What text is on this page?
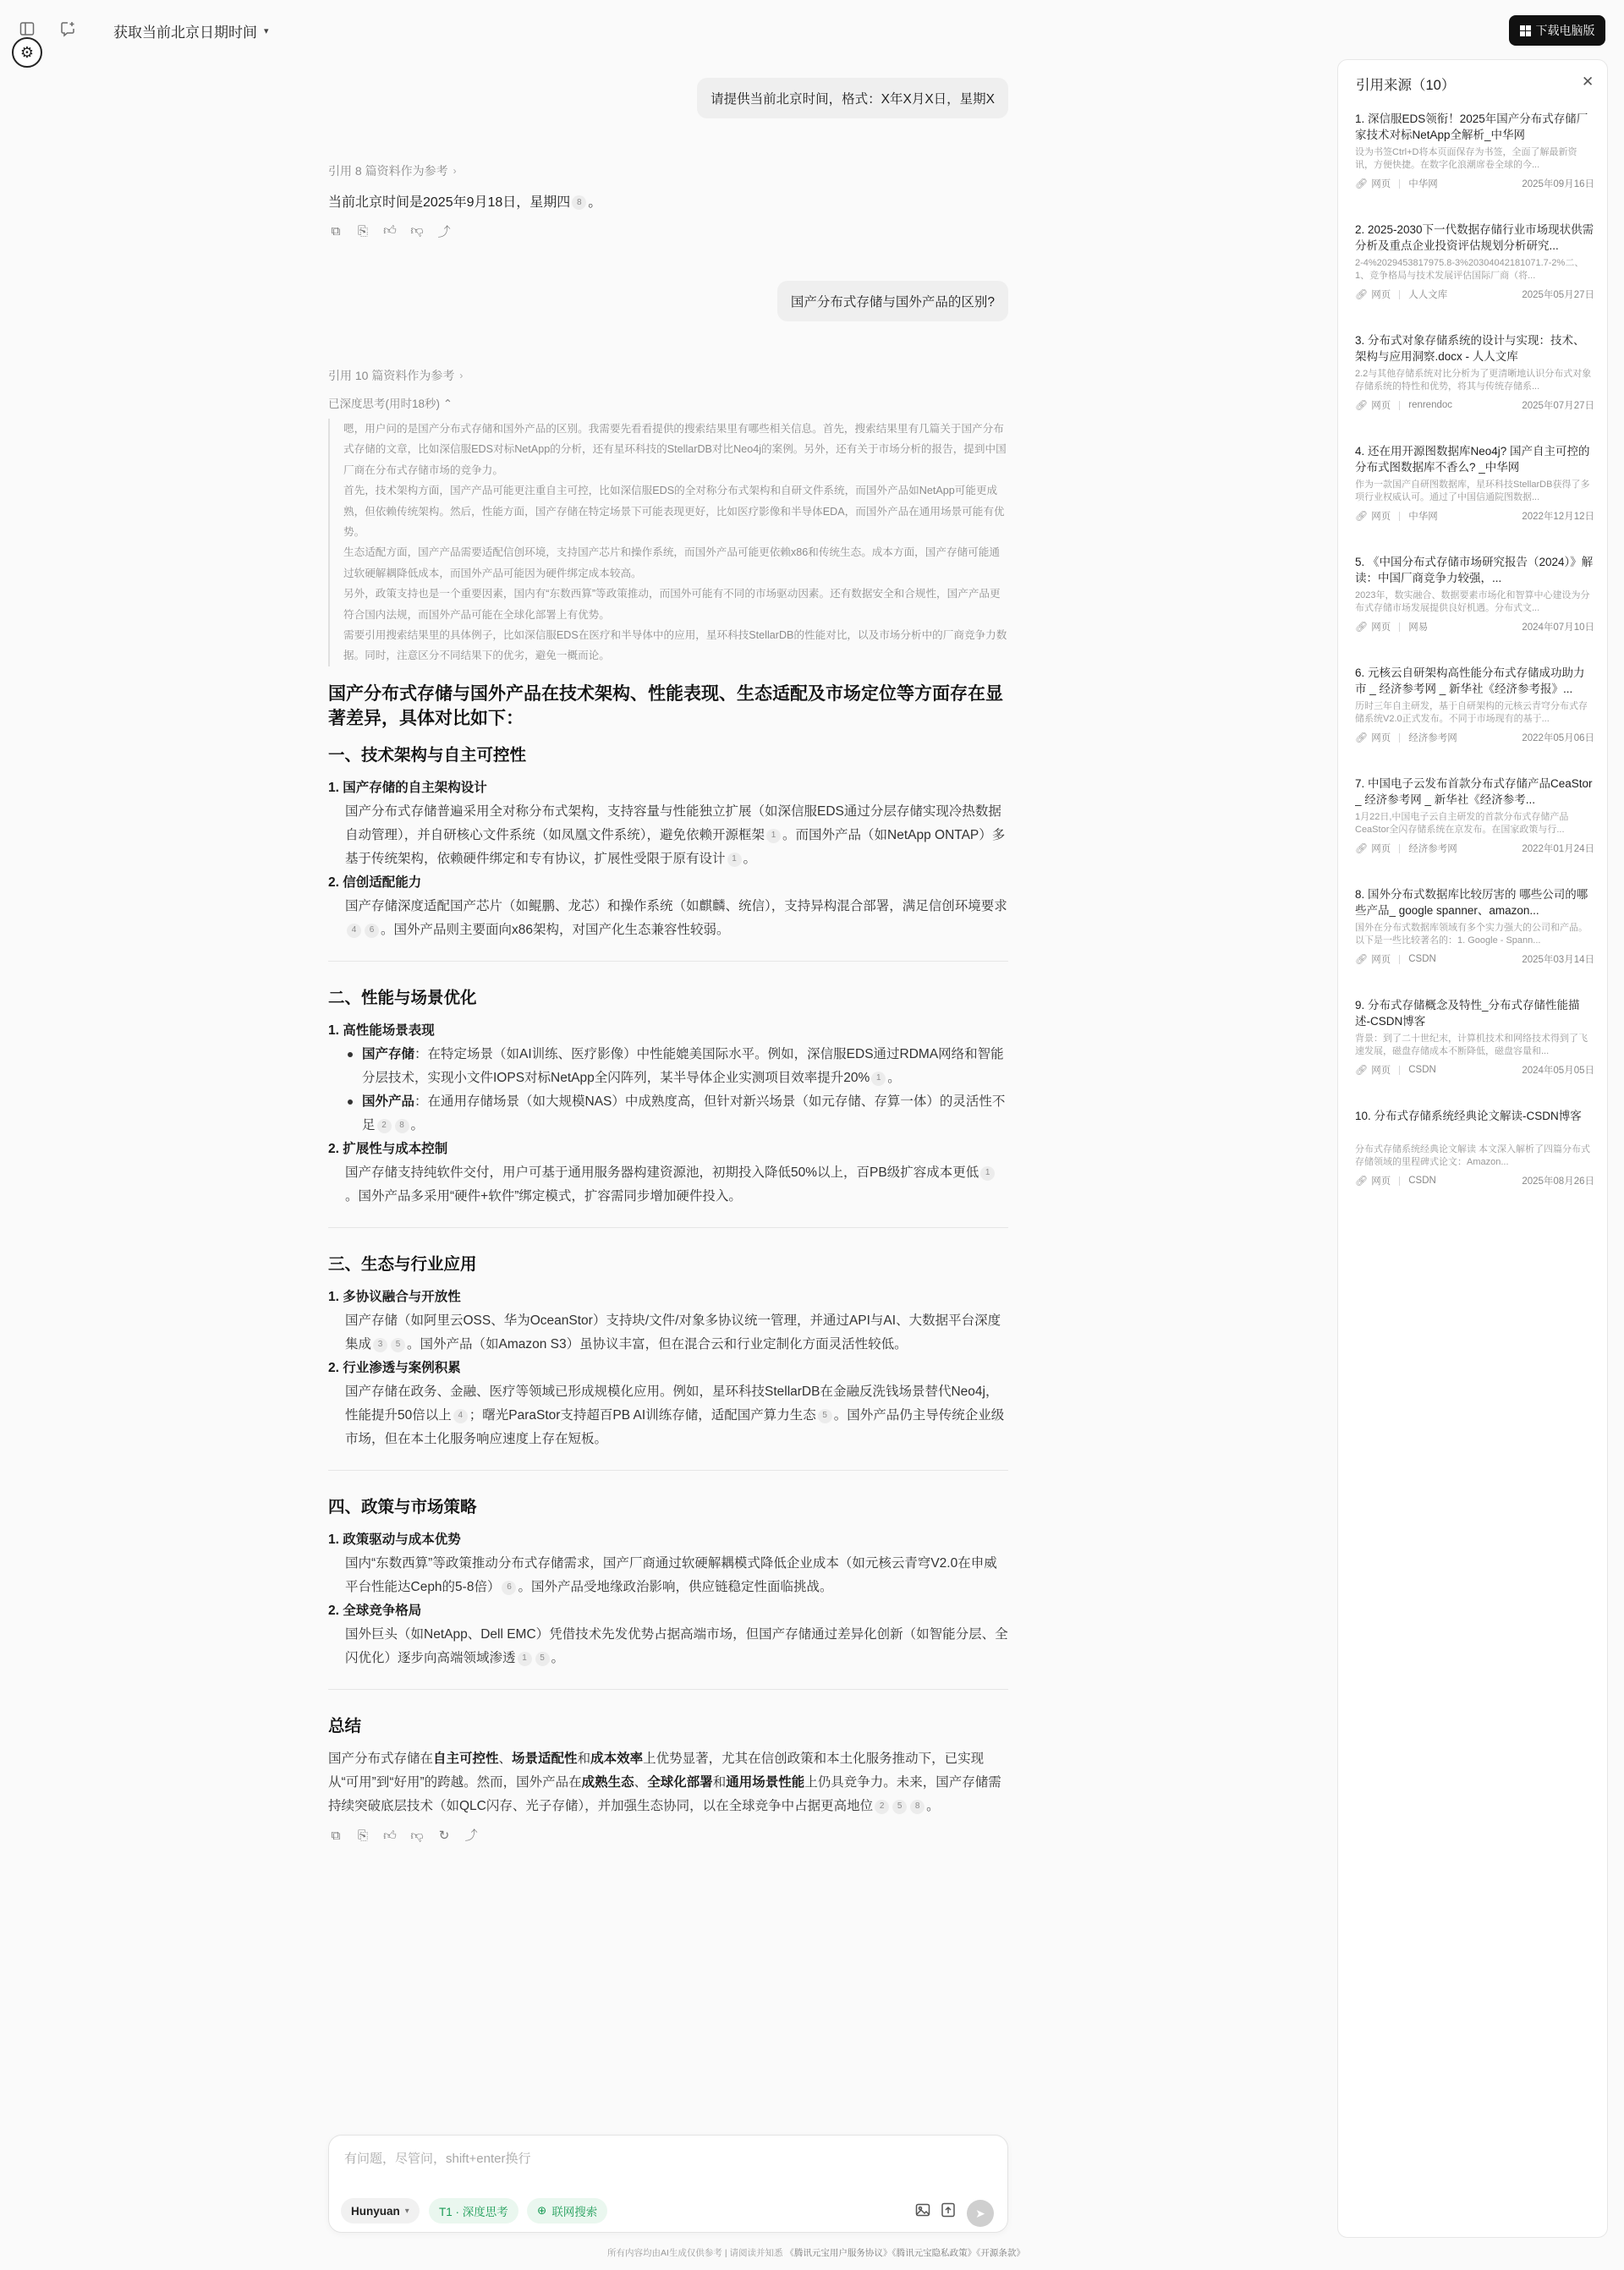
获取当前北京日期时间 ▾
⚙
下载电脑版
请提供当前北京时间，格式：X年X月X日，星期X
引用 8 篇资料作为参考 ›
当前北京时间是2025年9月18日，星期四 8 。
⧉ ⎘ 👍︎ 👎︎ ⤴
国产分布式存储与国外产品的区别?
引用 10 篇资料作为参考 ›
已深度思考(用时18秒) ⌃

嗯，用户问的是国产分布式存储和国外产品的区别。我需要先看看提供的搜索结果里有哪些相关信息。首先，搜索结果里有几篇关于国产分布式存储的文章，比如深信服EDS对标NetApp的分析，还有星环科技的StellarDB对比Neo4j的案例。另外，还有关于市场分析的报告，提到中国厂商在分布式存储市场的竞争力。

首先，技术架构方面，国产产品可能更注重自主可控，比如深信服EDS的全对称分布式架构和自研文件系统，而国外产品如NetApp可能更成熟，但依赖传统架构。然后，性能方面，国产存储在特定场景下可能表现更好，比如医疗影像和半导体EDA，而国外产品在通用场景可能有优势。

生态适配方面，国产产品需要适配信创环境，支持国产芯片和操作系统，而国外产品可能更依赖x86和传统生态。成本方面，国产存储可能通过软硬解耦降低成本，而国外产品可能因为硬件绑定成本较高。

另外，政策支持也是一个重要因素，国内有“东数西算”等政策推动，而国外可能有不同的市场驱动因素。还有数据安全和合规性，国产产品更符合国内法规，而国外产品可能在全球化部署上有优势。

需要引用搜索结果里的具体例子，比如深信服EDS在医疗和半导体中的应用，星环科技StellarDB的性能对比，以及市场分析中的厂商竞争力数据。同时，注意区分不同结果下的优劣，避免一概而论。

国产分布式存储与国外产品在技术架构、性能表现、生态适配及市场定位等方面存在显著差异，具体对比如下：
一、技术架构与自主可控性
1. 国产存储的自主架构设计
国产分布式存储普遍采用全对称分布式架构，支持容量与性能独立扩展（如深信服EDS通过分层存储实现冷热数据自动管理），并自研核心文件系统（如凤凰文件系统），避免依赖开源框架 1 。而国外产品（如NetApp ONTAP）多基于传统架构，依赖硬件绑定和专有协议，扩展性受限于原有设计 1 。
2. 信创适配能力
国产存储深度适配国产芯片（如鲲鹏、龙芯）和操作系统（如麒麟、统信），支持异构混合部署，满足信创环境要求4 6 。国外产品则主要面向x86架构，对国产化生态兼容性较弱。
二、性能与场景优化
1. 高性能场景表现
国产存储：在特定场景（如AI训练、医疗影像）中性能媲美国际水平。例如，深信服EDS通过RDMA网络和智能分层技术，实现小文件IOPS对标NetApp全闪阵列，某半导体企业实测项目效率提升20% 1 。
国外产品：在通用存储场景（如大规模NAS）中成熟度高，但针对新兴场景（如元存储、存算一体）的灵活性不足 2 8 。
2. 扩展性与成本控制
国产存储支持纯软件交付，用户可基于通用服务器构建资源池，初期投入降低50%以上，百PB级扩容成本更低 1。国外产品多采用“硬件+软件”绑定模式，扩容需同步增加硬件投入。
三、生态与行业应用
1. 多协议融合与开放性
国产存储（如阿里云OSS、华为OceanStor）支持块/文件/对象多协议统一管理，并通过API与AI、大数据平台深度集成 3 5 。国外产品（如Amazon S3）虽协议丰富，但在混合云和行业定制化方面灵活性较低。
2. 行业渗透与案例积累
国产存储在政务、金融、医疗等领域已形成规模化应用。例如，星环科技StellarDB在金融反洗钱场景替代Neo4j，性能提升50倍以上 4 ；曙光ParaStor支持超百PB AI训练存储，适配国产算力生态 5 。国外产品仍主导传统企业级市场，但在本土化服务响应速度上存在短板。
四、政策与市场策略
1. 政策驱动与成本优势
国内“东数西算”等政策推动分布式存储需求，国产厂商通过软硬解耦模式降低企业成本（如元核云青穹V2.0在申威平台性能达Ceph的5-8倍） 6 。国外产品受地缘政治影响，供应链稳定性面临挑战。
2. 全球竞争格局
国外巨头（如NetApp、Dell EMC）凭借技术先发优势占据高端市场，但国产存储通过差异化创新（如智能分层、全闪优化）逐步向高端领域渗透 1 5 。
总结
国产分布式存储在自主可控性、场景适配性和成本效率上优势显著，尤其在信创政策和本土化服务推动下，已实现从“可用”到“好用”的跨越。然而，国外产品在成熟生态、全球化部署和通用场景性能上仍具竞争力。未来，国产存储需持续突破底层技术（如QLC闪存、光子存储），并加强生态协同，以在全球竞争中占据更高地位 2 5 8 。
⧉ ⎘ 👍︎ 👎︎ ↻ ⤴
有问题，尽管问，shift+enter换行
Hunyuan ▾	T1 · 深度思考	⊕ 联网搜索	➤
所有内容均由AI生成仅供参考 | 请阅读并知悉 《腾讯元宝用户服务协议》《腾讯元宝隐私政策》《开源条款》
引用来源（10）	✕
1. 深信服EDS领衔！2025年国产分布式存储厂家技术对标NetApp全解析_中华网
设为书签Ctrl+D将本页面保存为书签，全面了解最新资讯，方便快捷。在数字化浪潮席卷全球的今...
🔗︎ 网页 中华网	2025年09月16日
2. 2025-2030下一代数据存储行业市场现状供需分析及重点企业投资评估规划分析研究...
2-4%2029453817975.8-3%20304042181071.7-2%二、1、竞争格局与技术发展评估国际厂商（将...
🔗︎ 网页 人人文库	2025年05月27日
3. 分布式对象存储系统的设计与实现：技术、架构与应用洞察.docx - 人人文库
2.2与其他存储系统对比分析为了更清晰地认识分布式对象存储系统的特性和优势，将其与传统存储系...
🔗︎ 网页 renrendoc	2025年07月27日
4. 还在用开源图数据库Neo4j? 国产自主可控的分布式图数据库不香么? _中华网
作为一款国产自研图数据库，星环科技StellarDB获得了多项行业权威认可。通过了中国信通院图数据...
🔗︎ 网页 中华网	2022年12月12日
5. 《中国分布式存储市场研究报告（2024）》解读：中国厂商竞争力较强，...
2023年，数实融合、数据要素市场化和智算中心建设为分布式存储市场发展提供良好机遇。分布式文...
🔗︎ 网页 网易	2024年07月10日
6. 元核云自研架构高性能分布式存储成功助力市 _ 经济参考网 _ 新华社《经济参考报》...
历时三年自主研发，基于自研架构的元核云青穹分布式存储系统V2.0正式发布。不同于市场现有的基于...
🔗︎ 网页 经济参考网	2022年05月06日
7. 中国电子云发布首款分布式存储产品CeaStor _ 经济参考网 _ 新华社《经济参考...
1月22日,中国电子云自主研发的首款分布式存储产品CeaStor全闪存储系统在京发布。在国家政策与行...
🔗︎ 网页 经济参考网	2022年01月24日
8. 国外分布式数据库比较厉害的 哪些公司的哪些产品_ google spanner、amazon...
国外在分布式数据库领域有多个实力强大的公司和产品。以下是一些比较著名的：1. Google - Spann...
🔗︎ 网页 CSDN	2025年03月14日
9. 分布式存储概念及特性_分布式存储性能描述-CSDN博客
背景：到了二十世纪末，计算机技术和网络技术得到了飞速发展，磁盘存储成本不断降低，磁盘容量和...
🔗︎ 网页 CSDN	2024年05月05日
10. 分布式存储系统经典论文解读-CSDN博客
分布式存储系统经典论文解读 本文深入解析了四篇分布式存储领域的里程碑式论文：Amazon...
🔗︎ 网页 CSDN	2025年08月26日
